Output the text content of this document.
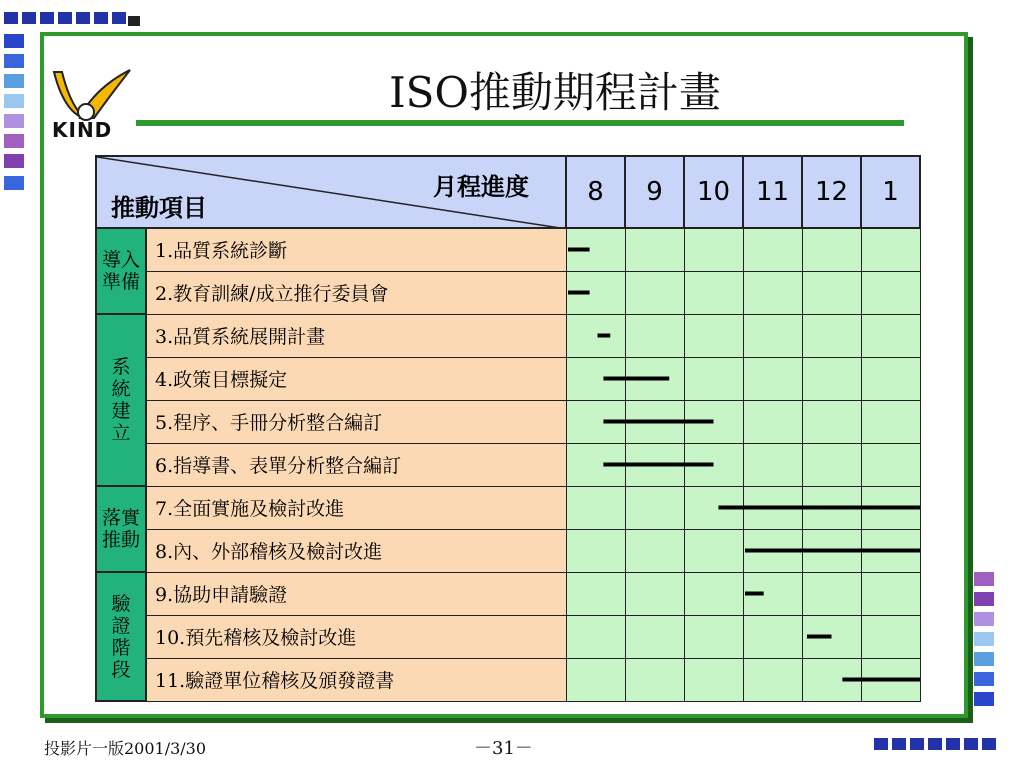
KIND
ISO推動期程計畫
月程進度
推動項目		8	9	10	11	12	1

導入
準備	1.品質系統診斷						
	2.教育訓練/成立推行委員會						

系
統
建
立	3.品質系統展開計畫						
	4.政策目標擬定						
	5.程序、手冊分析整合編訂						
	6.指導書、表單分析整合編訂						

落實
推動	7.全面實施及檢討改進						
	8.內、外部稽核及檢討改進						

驗
證
階
段	9.協助申請驗證						
	10.預先稽核及檢討改進						
	11.驗證單位稽核及頒發證書						
投影片一版2001/3/30	－31－
